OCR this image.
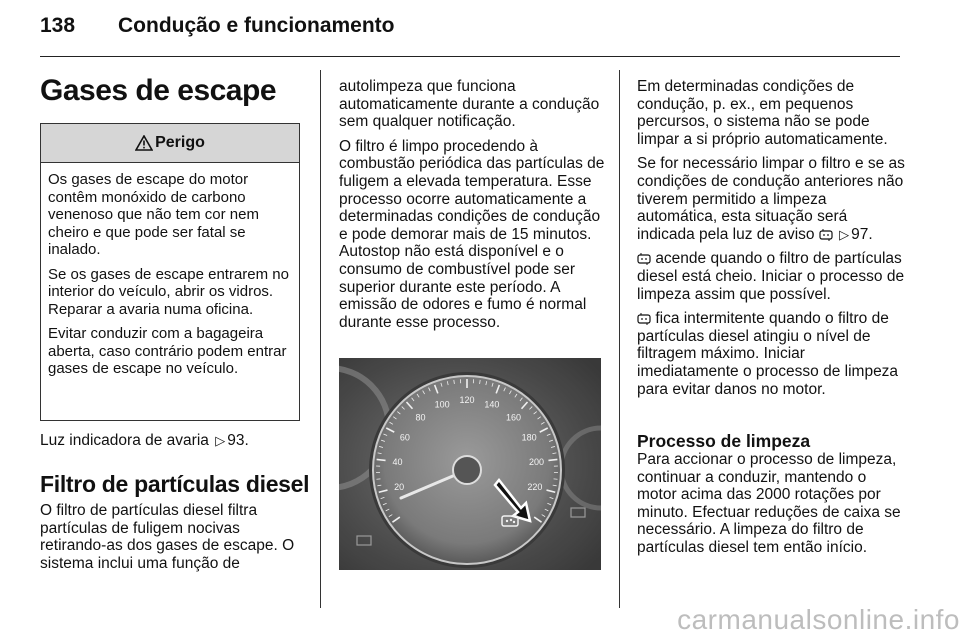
138 Condução e funcionamento
Gases de escape
Perigo

Os gases de escape do motor contêm monóxido de carbono venenoso que não tem cor nem cheiro e que pode ser fatal se inalado.

Se os gases de escape entrarem no interior do veículo, abrir os vidros. Reparar a avaria numa oficina.

Evitar conduzir com a bagageira aberta, caso contrário podem entrar gases de escape no veículo.

Luz indicadora de avaria ▷ 93.
Filtro de partículas diesel
O filtro de partículas diesel filtra partículas de fuligem nocivas retirando-as dos gases de escape. O sistema inclui uma função de

autolimpeza que funciona automaticamente durante a condução sem qualquer notificação.

O filtro é limpo procedendo à combustão periódica das partículas de fuligem a elevada temperatura. Esse processo ocorre automaticamente a determinadas condições de condução e pode demorar mais de 15 minutos. Autostop não está disponível e o consumo de combustível pode ser superior durante este período. A emissão de odores e fumo é normal durante esse processo.

20
40
60
80
100 120 140
160
180
200
220

Em determinadas condições de condução, p. ex., em pequenos percursos, o sistema não se pode limpar a si próprio automaticamente.

Se for necessário limpar o filtro e se as condições de condução anteriores não tiverem permitido a limpeza automática, esta situação será indicada pela luz de aviso ▷ 97.

acende quando o filtro de partículas diesel está cheio. Iniciar o processo de limpeza assim que possível.

fica intermitente quando o filtro de partículas diesel atingiu o nível de filtragem máximo. Iniciar imediatamente o processo de limpeza para evitar danos no motor.

Processo de limpeza
Para accionar o processo de limpeza, continuar a conduzir, mantendo o motor acima das 2000 rotações por minuto. Efectuar reduções de caixa se necessário. A limpeza do filtro de partículas diesel tem então início.
carmanualsonline.info
